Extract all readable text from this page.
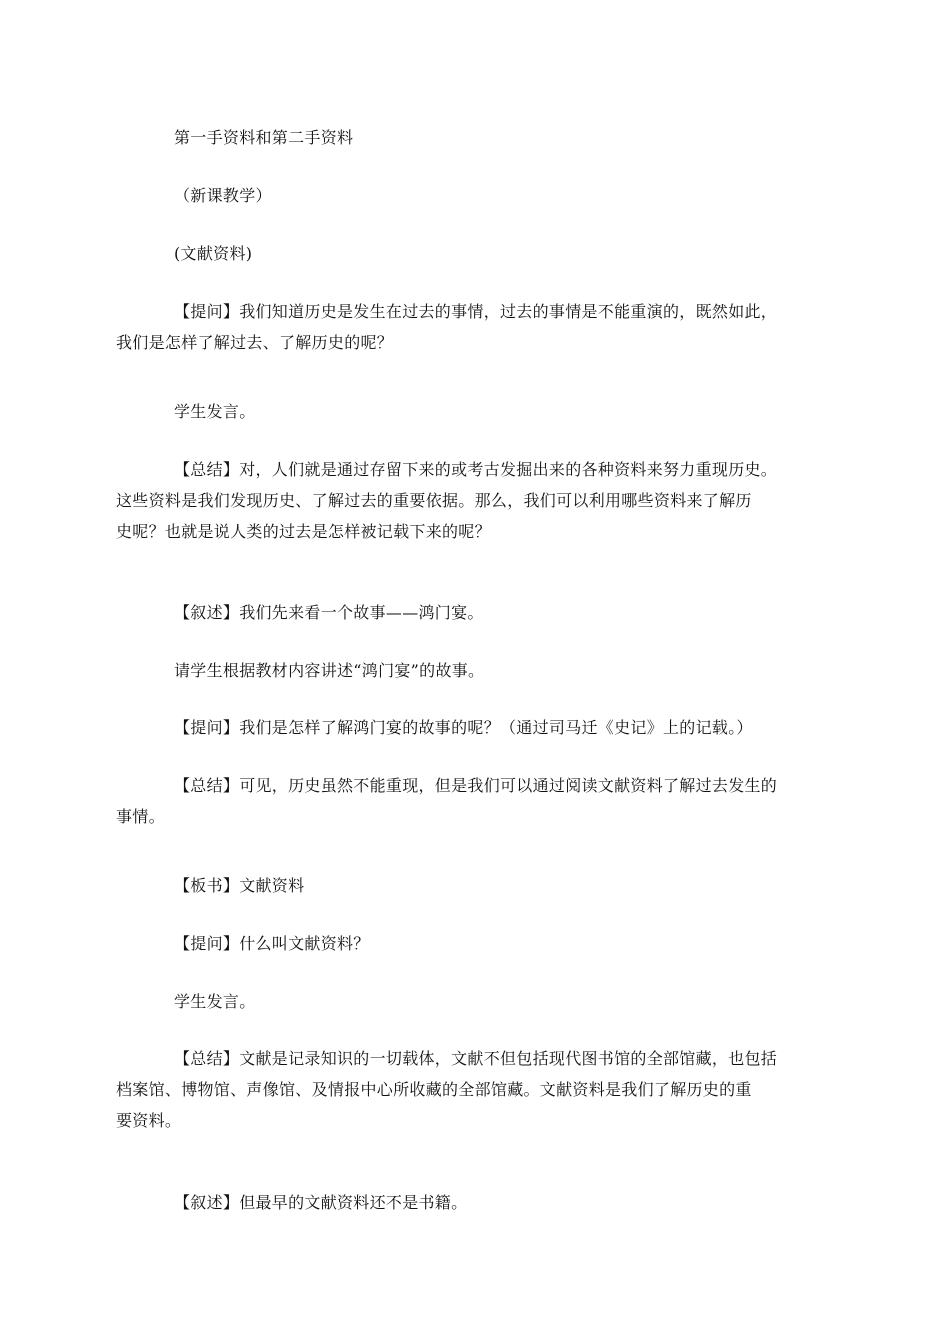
第一手资料和第二手资料

（新课教学）

(文献资料)

【提问】我们知道历史是发生在过去的事情，过去的事情是不能重演的，既然如此，
我们是怎样了解过去、了解历史的呢？

学生发言。

【总结】对，人们就是通过存留下来的或考古发掘出来的各种资料来努力重现历史。
这些资料是我们发现历史、了解过去的重要依据。那么，我们可以利用哪些资料来了解历
史呢？也就是说人类的过去是怎样被记载下来的呢？

【叙述】我们先来看一个故事——鸿门宴。

请学生根据教材内容讲述“鸿门宴”的故事。

【提问】我们是怎样了解鸿门宴的故事的呢？（通过司马迁《史记》上的记载。）

【总结】可见，历史虽然不能重现，但是我们可以通过阅读文献资料了解过去发生的
事情。

【板书】文献资料

【提问】什么叫文献资料？

学生发言。

【总结】文献是记录知识的一切载体，文献不但包括现代图书馆的全部馆藏，也包括
档案馆、博物馆、声像馆、及情报中心所收藏的全部馆藏。文献资料是我们了解历史的重
要资料。

【叙述】但最早的文献资料还不是书籍。
